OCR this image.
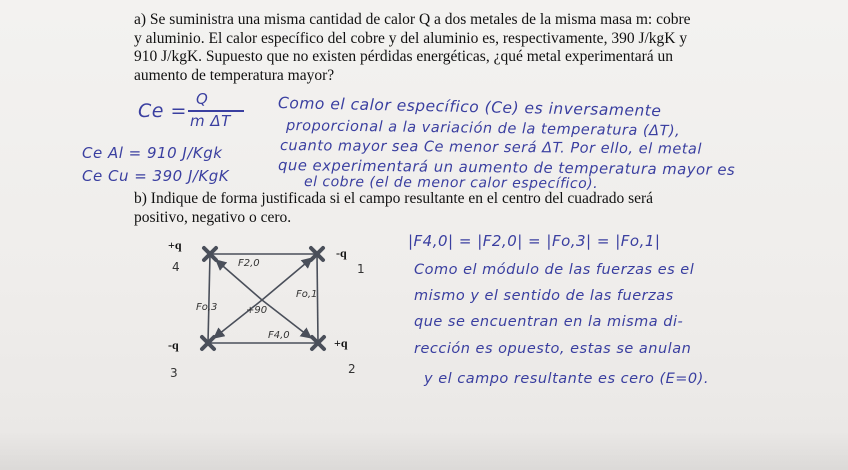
a) Se suministra una misma cantidad de calor Q a dos metales de la misma masa m: cobre
y aluminio. El calor específico del cobre y del aluminio es, respectivamente, 390 J/kgK y
910 J/kgK. Supuesto que no existen pérdidas energéticas, ¿qué metal experimentará un
aumento de temperatura mayor?
Ce =
Q
m ΔT
Ce Al = 910 J/Kgk
Ce Cu = 390 J/KgK
Como el calor específico (Ce) es inversamente
proporcional a la variación de la temperatura (ΔT),
cuanto mayor sea Ce menor será ΔT. Por ello, el metal
que experimentará un aumento de temperatura mayor es
el cobre (el de menor calor específico).
b) Indique de forma justificada si el campo resultante en el centro del cuadrado será
positivo, negativo o cero.
+q
-q
-q	+q
4	1
3	2
F2,0
Fo,1
Fo,3
F4,0
+90
|F4,0| = |F2,0| = |Fo,3| = |Fo,1|
Como el módulo de las fuerzas es el
mismo y el sentido de las fuerzas
que se encuentran en la misma di-
rección es opuesto, estas se anulan
y el campo resultante es cero (E=0).
